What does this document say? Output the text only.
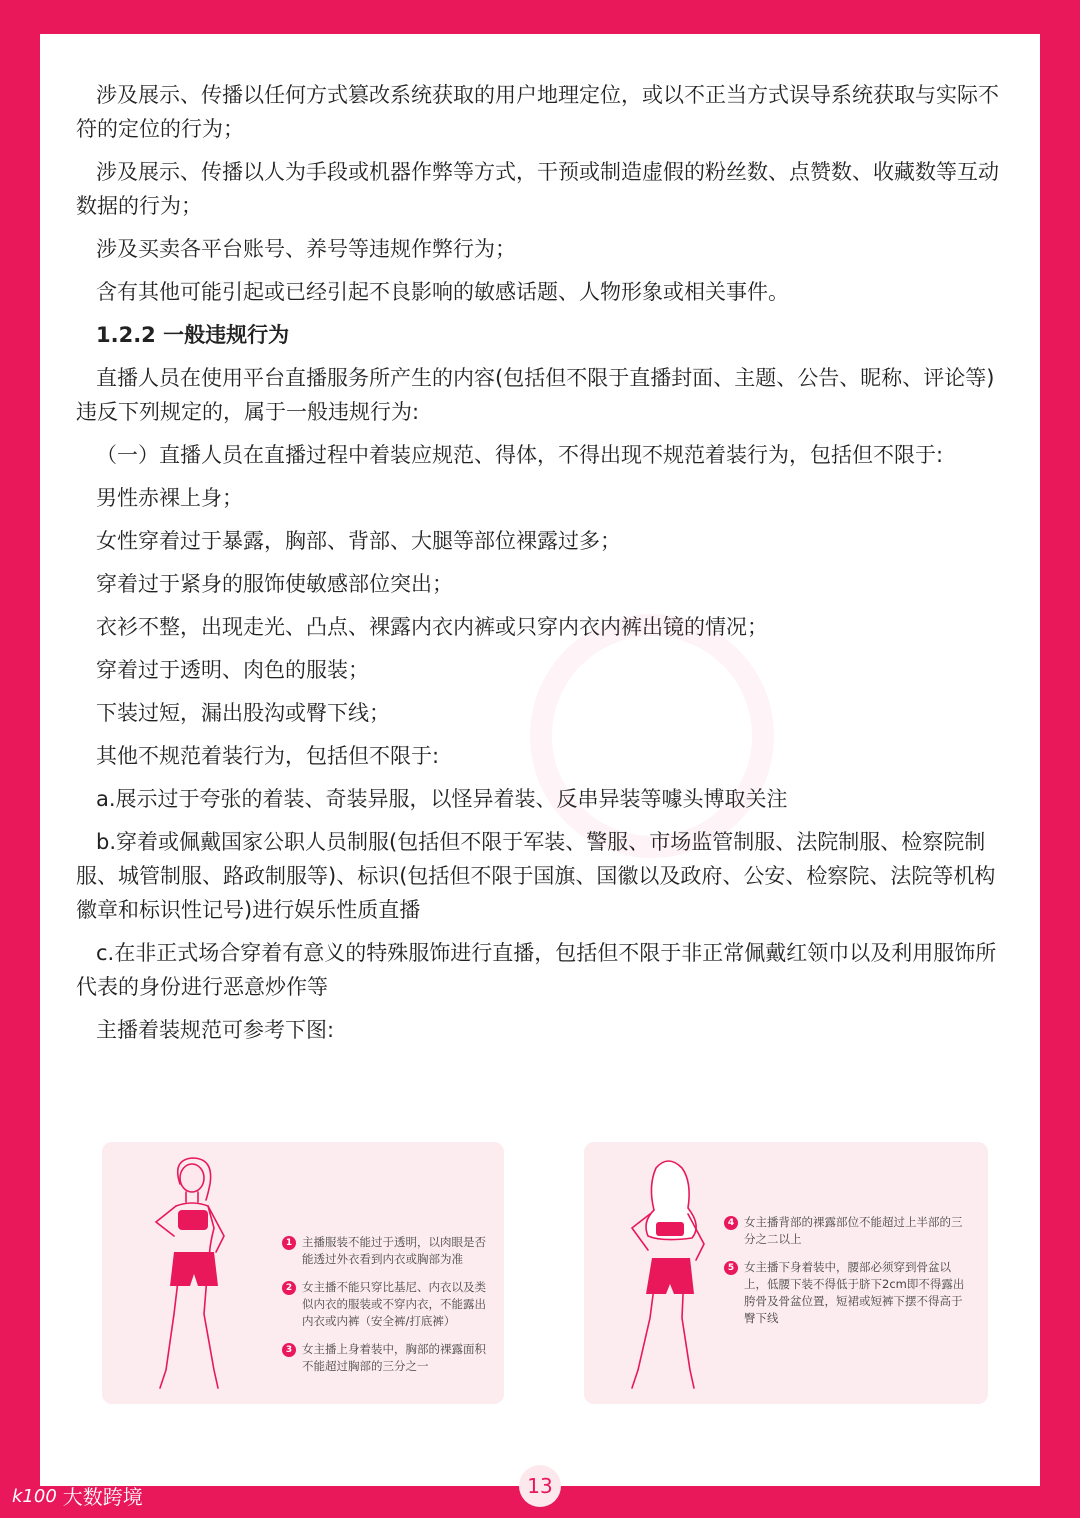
涉及展示、传播以任何方式篡改系统获取的用户地理定位，或以不正当方式误导系统获取与实际不符的定位的行为；

涉及展示、传播以人为手段或机器作弊等方式，干预或制造虚假的粉丝数、点赞数、收藏数等互动数据的行为；

涉及买卖各平台账号、养号等违规作弊行为；

含有其他可能引起或已经引起不良影响的敏感话题、人物形象或相关事件。

1.2.2 一般违规行为

直播人员在使用平台直播服务所产生的内容(包括但不限于直播封面、主题、公告、昵称、评论等)违反下列规定的，属于一般违规行为:

（一）直播人员在直播过程中着装应规范、得体，不得出现不规范着装行为，包括但不限于:

男性赤裸上身；

女性穿着过于暴露，胸部、背部、大腿等部位裸露过多；

穿着过于紧身的服饰使敏感部位突出；

衣衫不整，出现走光、凸点、裸露内衣内裤或只穿内衣内裤出镜的情况；

穿着过于透明、肉色的服装；

下装过短，漏出股沟或臀下线；

其他不规范着装行为，包括但不限于:

a.展示过于夸张的着装、奇装异服，以怪异着装、反串异装等噱头博取关注

b.穿着或佩戴国家公职人员制服(包括但不限于军装、警服、市场监管制服、法院制服、检察院制服、城管制服、路政制服等)、标识(包括但不限于国旗、国徽以及政府、公安、检察院、法院等机构徽章和标识性记号)进行娱乐性质直播

c.在非正式场合穿着有意义的特殊服饰进行直播，包括但不限于非正常佩戴红领巾以及利用服饰所代表的身份进行恶意炒作等

主播着装规范可参考下图:

1 主播服装不能过于透明，以肉眼是否能透过外衣看到内衣或胸部为准
2 女主播不能只穿比基尼、内衣以及类似内衣的服装或不穿内衣，不能露出内衣或内裤（安全裤/打底裤）
3 女主播上身着装中，胸部的裸露面积不能超过胸部的三分之一
4 女主播背部的裸露部位不能超过上半部的三分之二以上
5 女主播下身着装中，腰部必须穿到骨盆以上，低腰下装不得低于脐下2cm即不得露出胯骨及骨盆位置，短裙或短裤下摆不得高于臀下线
13
k100 大数跨境
